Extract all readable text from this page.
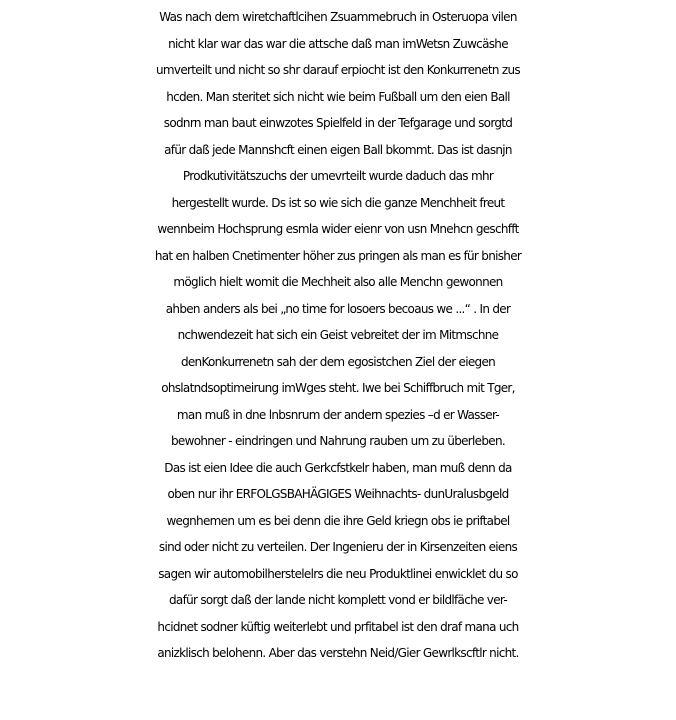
Was nach dem wiretchaftlcihen Zsuammebruch in Osteruopa vilen
nicht klar war das war die attsche daß man imWetsn Zuwcäshe
umverteilt und nicht so shr darauf erpiocht ist den Konkurrenetn zus
hcden. Man steritet sich nicht wie beim Fußball um den eien Ball
sodnrn man baut einwzotes Spielfeld in der Tefgarage und sorgtd
afür daß jede Mannshcft einen eigen Ball bkommt. Das ist dasnjn
Prodkutivitätszuchs der umevrteilt wurde daduch das mhr
hergestellt wurde. Ds ist so wie sich die ganze Menchheit freut
wennbeim Hochsprung esmla wider eienr von usn Mnehcn geschfft
hat en halben Cnetimenter höher zus pringen als man es für bnisher
möglich hielt womit die Mechheit also alle Menchn gewonnen
ahben anders als bei „no time for losoers becoaus we ...“ . In der
nchwendezeit hat sich ein Geist vebreitet der im Mitmschne
denKonkurrenetn sah der dem egosistchen Ziel der eiegen
ohslatndsoptimeirung imWges steht. Iwe bei Schiffbruch mit Tger,
man muß in dne lnbsnrum der andern spezies –d er Wasser-
bewohner - eindringen und Nahrung rauben um zu überleben.
Das ist eien Idee die auch Gerkcfstkelr haben, man muß denn da
oben nur ihr ERFOLGSBAHÄGIGES Weihnachts- dunUralusbgeld
wegnhemen um es bei denn die ihre Geld kriegn obs ie priftabel
sind oder nicht zu verteilen. Der Ingenieru der in Kirsenzeiten eiens
sagen wir automobilherstelelrs die neu Produktlinei enwicklet du so
dafür sorgt daß der lande nicht komplett vond er bildlfäche ver-
hcidnet sodner küftig weiterlebt und prfitabel ist den draf mana uch
anizklisch belohenn. Aber das verstehn Neid/Gier Gewrlkscftlr nicht.
